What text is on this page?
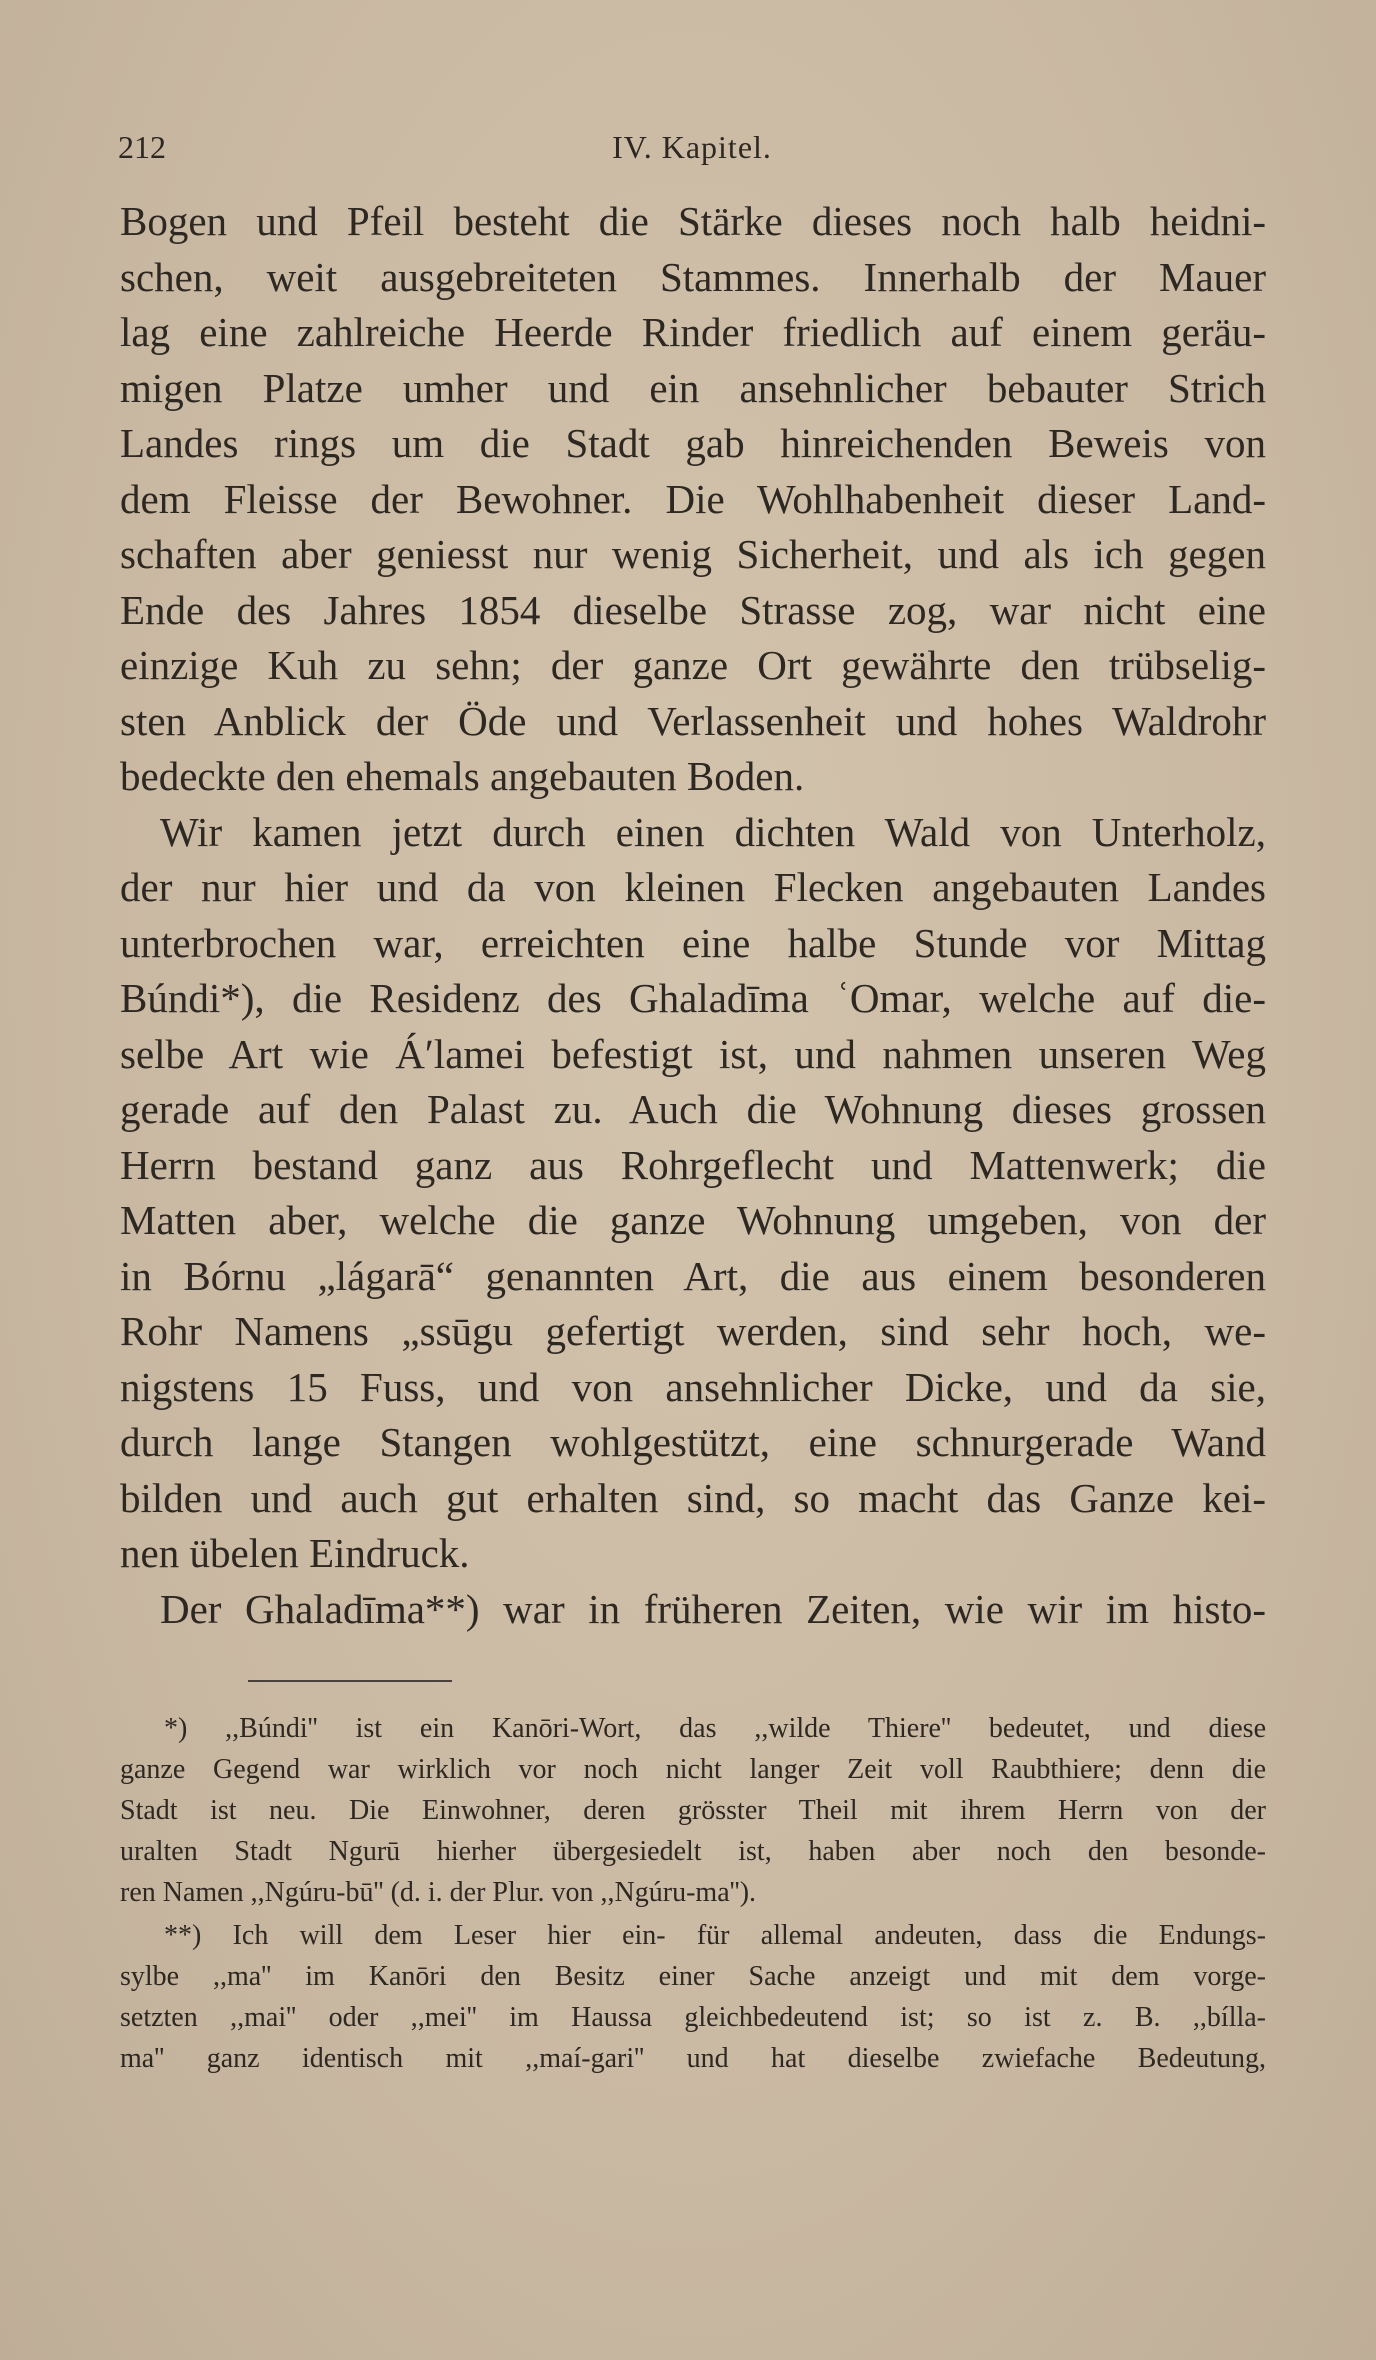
212	IV. Kapitel.
Bogen und Pfeil besteht die Stärke dieses noch halb heidni-
schen, weit ausgebreiteten Stammes. Innerhalb der Mauer
lag eine zahlreiche Heerde Rinder friedlich auf einem geräu-
migen Platze umher und ein ansehnlicher bebauter Strich
Landes rings um die Stadt gab hinreichenden Beweis von
dem Fleisse der Bewohner. Die Wohlhabenheit dieser Land-
schaften aber geniesst nur wenig Sicherheit, und als ich gegen
Ende des Jahres 1854 dieselbe Strasse zog, war nicht eine
einzige Kuh zu sehn; der ganze Ort gewährte den trübselig-
sten Anblick der Öde und Verlassenheit und hohes Waldrohr
bedeckte den ehemals angebauten Boden.
Wir kamen jetzt durch einen dichten Wald von Unterholz,
der nur hier und da von kleinen Flecken angebauten Landes
unterbrochen war, erreichten eine halbe Stunde vor Mittag
Búndi*), die Residenz des Ghaladīma ʿOmar, welche auf die-
selbe Art wie Áʹlamei befestigt ist, und nahmen unseren Weg
gerade auf den Palast zu. Auch die Wohnung dieses grossen
Herrn bestand ganz aus Rohrgeflecht und Mattenwerk; die
Matten aber, welche die ganze Wohnung umgeben, von der
in Bórnu „lágarā“ genannten Art, die aus einem besonderen
Rohr Namens „ssūgu gefertigt werden, sind sehr hoch, we-
nigstens 15 Fuss, und von ansehnlicher Dicke, und da sie,
durch lange Stangen wohlgestützt, eine schnurgerade Wand
bilden und auch gut erhalten sind, so macht das Ganze kei-
nen übelen Eindruck.
Der Ghaladīma**) war in früheren Zeiten, wie wir im histo-
*) ,,Búndi'' ist ein Kanōri-Wort, das ,,wilde Thiere'' bedeutet, und diese
ganze Gegend war wirklich vor noch nicht langer Zeit voll Raubthiere; denn die
Stadt ist neu. Die Einwohner, deren grösster Theil mit ihrem Herrn von der
uralten Stadt Ngurū hierher übergesiedelt ist, haben aber noch den besonde-
ren Namen ,,Ngúru-bū'' (d. i. der Plur. von ,,Ngúru-ma'').
**) Ich will dem Leser hier ein- für allemal andeuten, dass die Endungs-
sylbe ,,ma'' im Kanōri den Besitz einer Sache anzeigt und mit dem vorge-
setzten ,,mai'' oder ,,mei'' im Haussa gleichbedeutend ist; so ist z. B. ,,bílla-
ma'' ganz identisch mit ,,maí-gari'' und hat dieselbe zwiefache Bedeutung,
